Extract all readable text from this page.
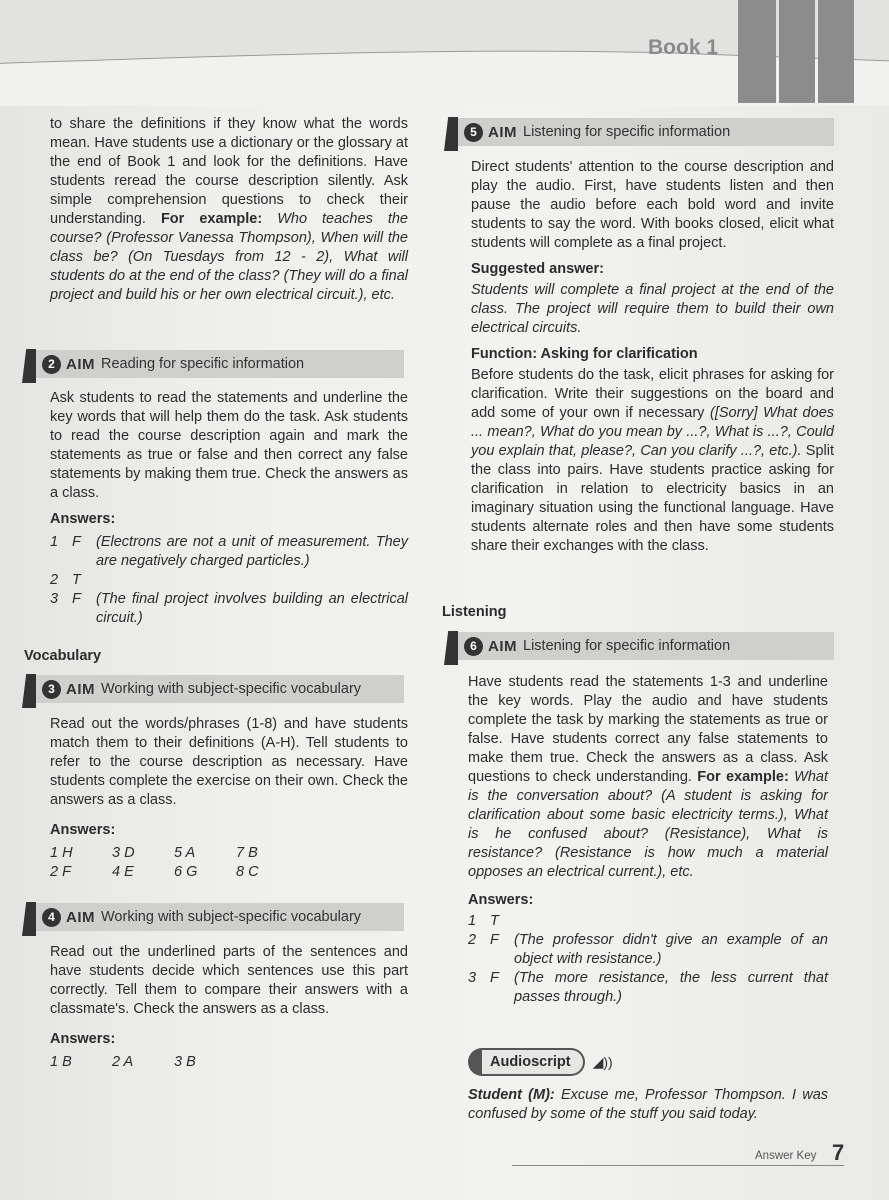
Book 1

to share the definitions if they know what the words mean. Have students use a dictionary or the glossary at the end of Book 1 and look for the definitions. Have students reread the course description silently. Ask simple comprehension questions to check their understanding. For example: Who teaches the course? (Professor Vanessa Thompson), When will the class be? (On Tuesdays from 12 - 2), What will students do at the end of the class? (They will do a final project and build his or her own electrical circuit.), etc.

2 AIM Reading for specific information

Ask students to read the statements and underline the key words that will help them do the task. Ask students to read the course description again and mark the statements as true or false and then correct any false statements by making them true. Check the answers as a class.

Answers:

1 F	(Electrons are not a unit of measurement. They are negatively charged particles.)
2 T
3 F	(The final project involves building an electrical circuit.)
Vocabulary
3 AIM Working with subject-specific vocabulary

Read out the words/phrases (1-8) and have students match them to their definitions (A-H). Tell students to refer to the course description as necessary. Have students complete the exercise on their own. Check the answers as a class.

Answers:

1 H	3 D	5 A	7 B
2 F	4 E	6 G	8 C
4 AIM Working with subject-specific vocabulary

Read out the underlined parts of the sentences and have students decide which sentences use this part correctly. Tell them to compare their answers with a classmate's. Check the answers as a class.

Answers:

1 B	2 A	3 B
5 AIM Listening for specific information

Direct students' attention to the course description and play the audio. First, have students listen and then pause the audio before each bold word and invite students to say the word. With books closed, elicit what students will complete as a final project.

Suggested answer:

Students will complete a final project at the end of the class. The project will require them to build their own electrical circuits.

Function: Asking for clarification

Before students do the task, elicit phrases for asking for clarification. Write their suggestions on the board and add some of your own if necessary ([Sorry] What does ... mean?, What do you mean by ...?, What is ...?, Could you explain that, please?, Can you clarify ...?, etc.). Split the class into pairs. Have students practice asking for clarification in relation to electricity basics in an imaginary situation using the functional language. Have students alternate roles and then have some students share their exchanges with the class.

Listening
6 AIM Listening for specific information

Have students read the statements 1-3 and underline the key words. Play the audio and have students complete the task by marking the statements as true or false. Have students correct any false statements to make them true. Check the answers as a class. Ask questions to check understanding. For example: What is the conversation about? (A student is asking for clarification about some basic electricity terms.), What is he confused about? (Resistance), What is resistance? (Resistance is how much a material opposes an electrical current.), etc.

Answers:

1 T
2 F	(The professor didn't give an example of an object with resistance.)
3 F	(The more resistance, the less current that passes through.)
Audioscript	◢))

Student (M): Excuse me, Professor Thompson. I was confused by some of the stuff you said today.

Answer Key 7
